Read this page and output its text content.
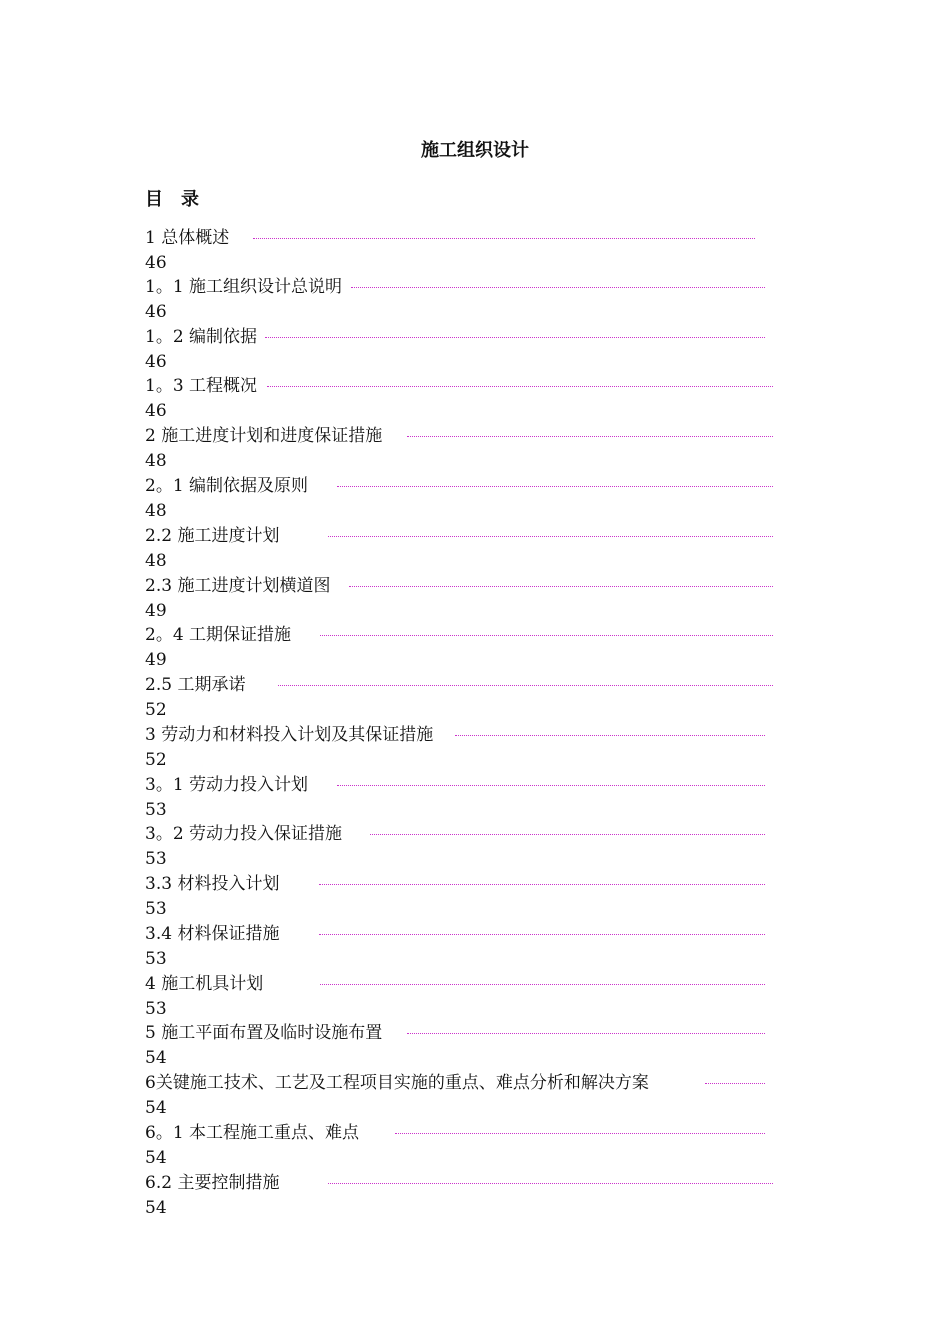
施工组织设计
目录
1 总体概述
46
1。1 施工组织设计总说明
46
1。2 编制依据
46
1。3 工程概况
46
2 施工进度计划和进度保证措施
48
2。1 编制依据及原则
48
2.2 施工进度计划
48
2.3 施工进度计划横道图
49
2。4 工期保证措施
49
2.5 工期承诺
52
3 劳动力和材料投入计划及其保证措施
52
3。1 劳动力投入计划
53
3。2 劳动力投入保证措施
53
3.3 材料投入计划
53
3.4 材料保证措施
53
4 施工机具计划
53
5 施工平面布置及临时设施布置
54
6关键施工技术、工艺及工程项目实施的重点、难点分析和解决方案
54
6。1 本工程施工重点、难点
54
6.2 主要控制措施
54
